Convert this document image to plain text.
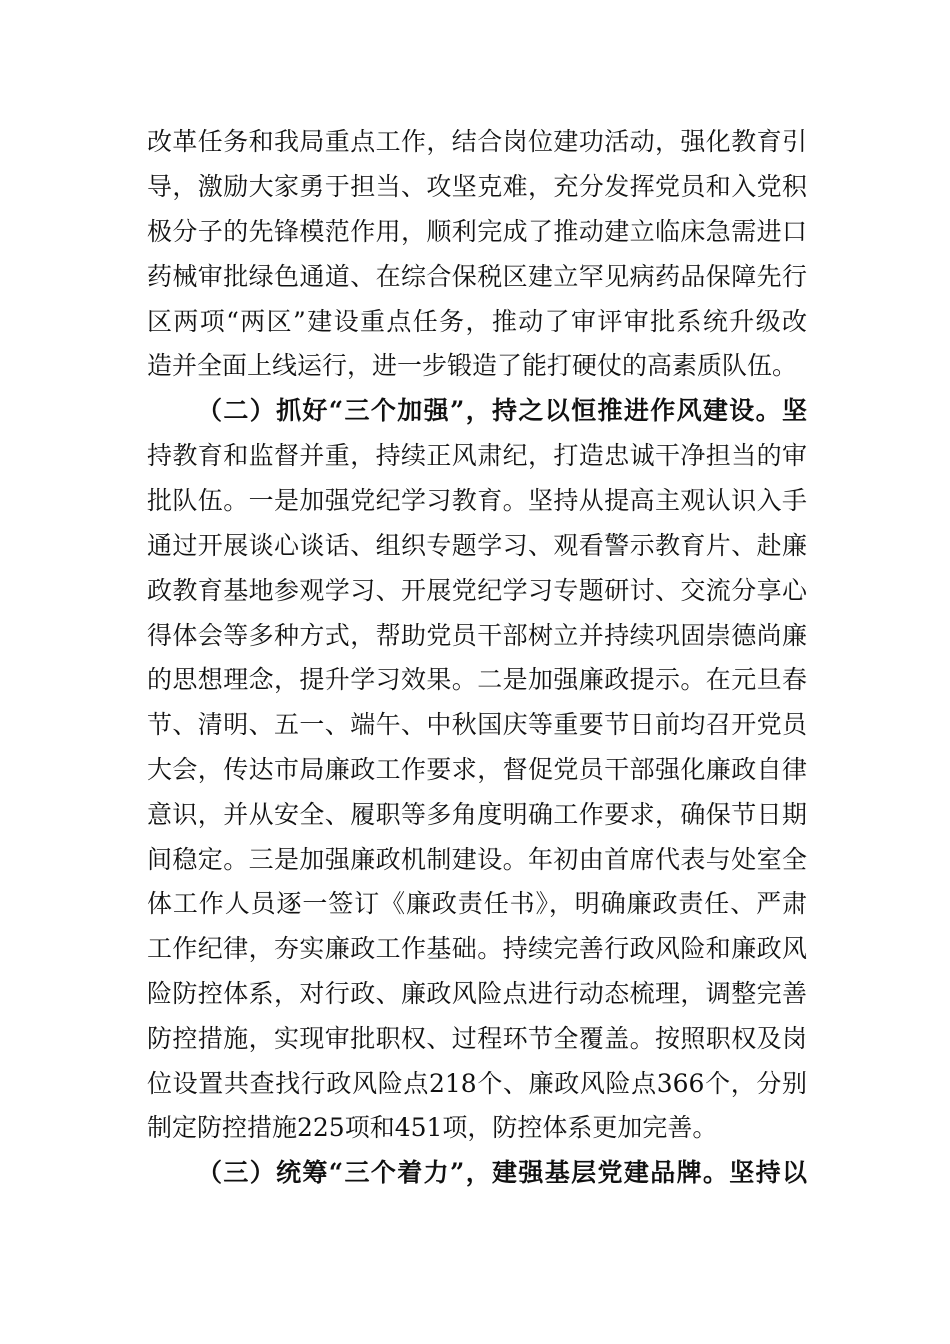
改革任务和我局重点工作，结合岗位建功活动，强化教育引
导，激励大家勇于担当、攻坚克难，充分发挥党员和入党积
极分子的先锋模范作用，顺利完成了推动建立临床急需进口
药械审批绿色通道、在综合保税区建立罕见病药品保障先行
区两项“两区”建设重点任务，推动了审评审批系统升级改
造并全面上线运行，进一步锻造了能打硬仗的高素质队伍。
（二）抓好“三个加强”，持之以恒推进作风建设。坚
持教育和监督并重，持续正风肃纪，打造忠诚干净担当的审
批队伍。一是加强党纪学习教育。坚持从提高主观认识入手
通过开展谈心谈话、组织专题学习、观看警示教育片、赴廉
政教育基地参观学习、开展党纪学习专题研讨、交流分享心
得体会等多种方式，帮助党员干部树立并持续巩固崇德尚廉
的思想理念，提升学习效果。二是加强廉政提示。在元旦春
节、清明、五一、端午、中秋国庆等重要节日前均召开党员
大会，传达市局廉政工作要求，督促党员干部强化廉政自律
意识，并从安全、履职等多角度明确工作要求，确保节日期
间稳定。三是加强廉政机制建设。年初由首席代表与处室全
体工作人员逐一签订《廉政责任书》，明确廉政责任、严肃
工作纪律，夯实廉政工作基础。持续完善行政风险和廉政风
险防控体系，对行政、廉政风险点进行动态梳理，调整完善
防控措施，实现审批职权、过程环节全覆盖。按照职权及岗
位设置共查找行政风险点218个、廉政风险点366个，分别
制定防控措施225项和451项，防控体系更加完善。
（三）统筹“三个着力”，建强基层党建品牌。坚持以
